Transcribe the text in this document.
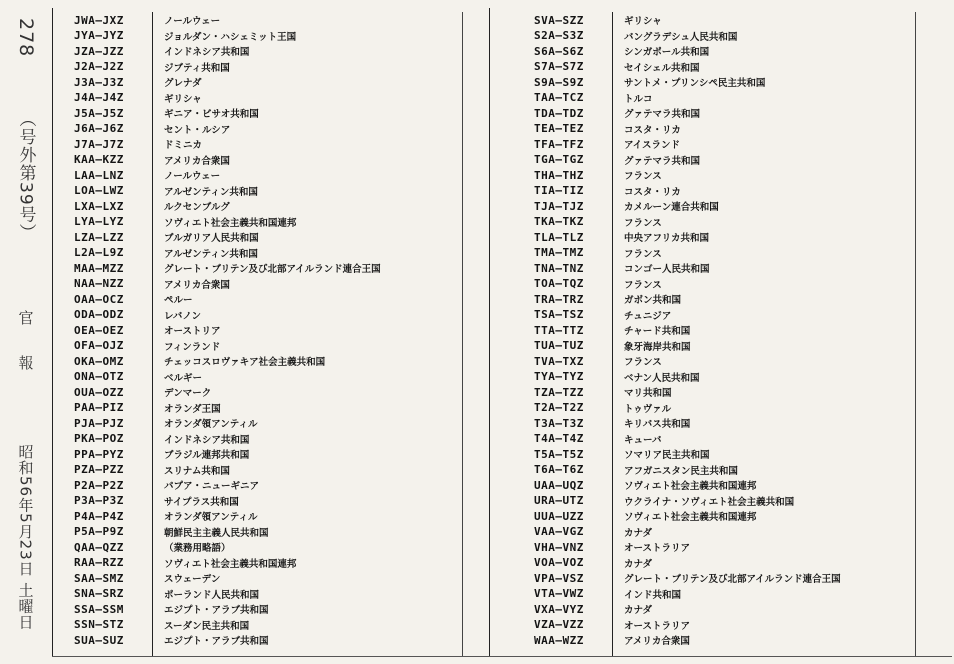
278
（号外第39号）
官報
昭和56年5月23日 土曜日
JWA—JXZ	ノールウェー
JYA—JYZ	ジョルダン・ハシェミット王国
JZA—JZZ	インドネシア共和国
J2A—J2Z	ジブティ共和国
J3A—J3Z	グレナダ
J4A—J4Z	ギリシャ
J5A—J5Z	ギニア・ビサオ共和国
J6A—J6Z	セント・ルシア
J7A—J7Z	ドミニカ
KAA—KZZ	アメリカ合衆国
LAA—LNZ	ノールウェー
LOA—LWZ	アルゼンティン共和国
LXA—LXZ	ルクセンブルグ
LYA—LYZ	ソヴィエト社会主義共和国連邦
LZA—LZZ	ブルガリア人民共和国
L2A—L9Z	アルゼンティン共和国
MAA—MZZ	グレート・ブリテン及び北部アイルランド連合王国
NAA—NZZ	アメリカ合衆国
OAA—OCZ	ペルー
ODA—ODZ	レバノン
OEA—OEZ	オーストリア
OFA—OJZ	フィンランド
OKA—OMZ	チェッコスロヴァキア社会主義共和国
ONA—OTZ	ベルギー
OUA—OZZ	デンマーク
PAA—PIZ	オランダ王国
PJA—PJZ	オランダ領アンティル
PKA—POZ	インドネシア共和国
PPA—PYZ	ブラジル連邦共和国
PZA—PZZ	スリナム共和国
P2A—P2Z	パプア・ニューギニア
P3A—P3Z	サイプラス共和国
P4A—P4Z	オランダ領アンティル
P5A—P9Z	朝鮮民主主義人民共和国
QAA—QZZ	（業務用略語）
RAA—RZZ	ソヴィエト社会主義共和国連邦
SAA—SMZ	スウェーデン
SNA—SRZ	ポーランド人民共和国
SSA—SSM	エジプト・アラブ共和国
SSN—STZ	スーダン民主共和国
SUA—SUZ	エジプト・アラブ共和国
SVA—SZZ	ギリシャ
S2A—S3Z	バングラデシュ人民共和国
S6A—S6Z	シンガポール共和国
S7A—S7Z	セイシェル共和国
S9A—S9Z	サントメ・プリンシペ民主共和国
TAA—TCZ	トルコ
TDA—TDZ	グァテマラ共和国
TEA—TEZ	コスタ・リカ
TFA—TFZ	アイスランド
TGA—TGZ	グァテマラ共和国
THA—THZ	フランス
TIA—TIZ	コスタ・リカ
TJA—TJZ	カメルーン連合共和国
TKA—TKZ	フランス
TLA—TLZ	中央アフリカ共和国
TMA—TMZ	フランス
TNA—TNZ	コンゴー人民共和国
TOA—TQZ	フランス
TRA—TRZ	ガボン共和国
TSA—TSZ	チュニジア
TTA—TTZ	チャード共和国
TUA—TUZ	象牙海岸共和国
TVA—TXZ	フランス
TYA—TYZ	ベナン人民共和国
TZA—TZZ	マリ共和国
T2A—T2Z	トゥヴァル
T3A—T3Z	キリバス共和国
T4A—T4Z	キューバ
T5A—T5Z	ソマリア民主共和国
T6A—T6Z	アフガニスタン民主共和国
UAA—UQZ	ソヴィエト社会主義共和国連邦
URA—UTZ	ウクライナ・ソヴィエト社会主義共和国
UUA—UZZ	ソヴィエト社会主義共和国連邦
VAA—VGZ	カナダ
VHA—VNZ	オーストラリア
VOA—VOZ	カナダ
VPA—VSZ	グレート・ブリテン及び北部アイルランド連合王国
VTA—VWZ	インド共和国
VXA—VYZ	カナダ
VZA—VZZ	オーストラリア
WAA—WZZ	アメリカ合衆国
